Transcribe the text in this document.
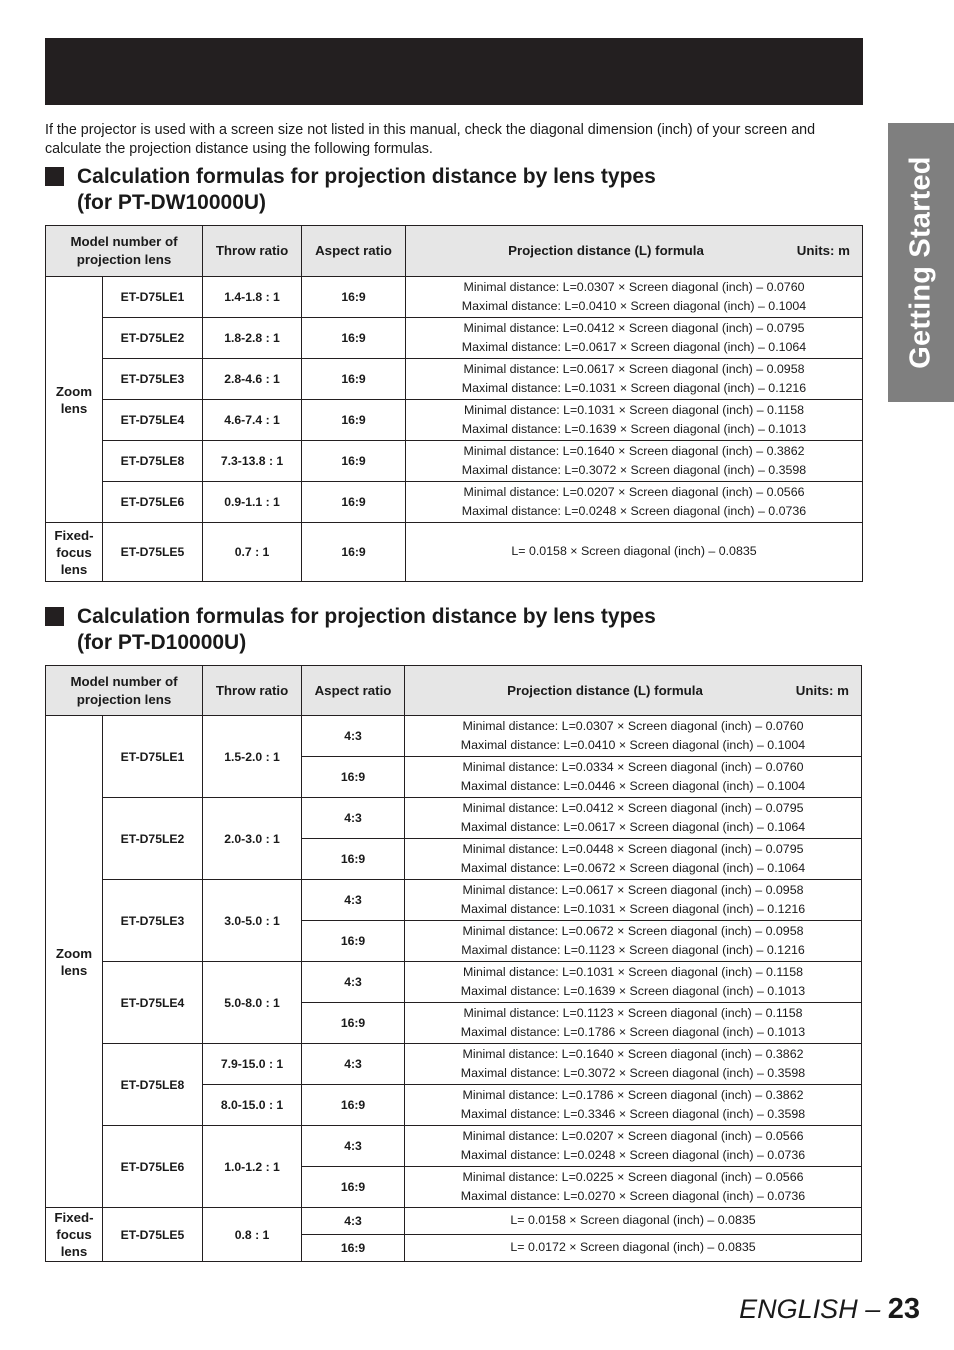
Getting Started

If the projector is used with a screen size not listed in this manual, check the diagonal dimension (inch) of your screen and calculate the projection distance using the following formulas.

Calculation formulas for projection distance by lens types
(for PT-DW10000U)
Model number of
projection lens		Throw ratio	Aspect ratio	Projection distance (L) formula Units: m

Zoom
lens	ET-D75LE1	1.4-1.8 : 1	16:9	Minimal distance: L=0.0307 × Screen diagonal (inch) – 0.0760
Maximal distance: L=0.0410 × Screen diagonal (inch) – 0.1004
	ET-D75LE2	1.8-2.8 : 1	16:9	Minimal distance: L=0.0412 × Screen diagonal (inch) – 0.0795
Maximal distance: L=0.0617 × Screen diagonal (inch) – 0.1064
	ET-D75LE3	2.8-4.6 : 1	16:9	Minimal distance: L=0.0617 × Screen diagonal (inch) – 0.0958
Maximal distance: L=0.1031 × Screen diagonal (inch) – 0.1216
	ET-D75LE4	4.6-7.4 : 1	16:9	Minimal distance: L=0.1031 × Screen diagonal (inch) – 0.1158
Maximal distance: L=0.1639 × Screen diagonal (inch) – 0.1013
	ET-D75LE8	7.3-13.8 : 1	16:9	Minimal distance: L=0.1640 × Screen diagonal (inch) – 0.3862
Maximal distance: L=0.3072 × Screen diagonal (inch) – 0.3598
	ET-D75LE6	0.9-1.1 : 1	16:9	Minimal distance: L=0.0207 × Screen diagonal (inch) – 0.0566
Maximal distance: L=0.0248 × Screen diagonal (inch) – 0.0736
Fixed-
focus
lens	ET-D75LE5	0.7 : 1	16:9	L= 0.0158 × Screen diagonal (inch) – 0.0835
Calculation formulas for projection distance by lens types
(for PT-D10000U)
Model number of
projection lens		Throw ratio	Aspect ratio	Projection distance (L) formula Units: m

Zoom
lens	ET-D75LE1	1.5-2.0 : 1	4:3	Minimal distance: L=0.0307 × Screen diagonal (inch) – 0.0760
Maximal distance: L=0.0410 × Screen diagonal (inch) – 0.1004
			16:9	Minimal distance: L=0.0334 × Screen diagonal (inch) – 0.0760
Maximal distance: L=0.0446 × Screen diagonal (inch) – 0.1004
	ET-D75LE2	2.0-3.0 : 1	4:3	Minimal distance: L=0.0412 × Screen diagonal (inch) – 0.0795
Maximal distance: L=0.0617 × Screen diagonal (inch) – 0.1064
			16:9	Minimal distance: L=0.0448 × Screen diagonal (inch) – 0.0795
Maximal distance: L=0.0672 × Screen diagonal (inch) – 0.1064
	ET-D75LE3	3.0-5.0 : 1	4:3	Minimal distance: L=0.0617 × Screen diagonal (inch) – 0.0958
Maximal distance: L=0.1031 × Screen diagonal (inch) – 0.1216
			16:9	Minimal distance: L=0.0672 × Screen diagonal (inch) – 0.0958
Maximal distance: L=0.1123 × Screen diagonal (inch) – 0.1216
	ET-D75LE4	5.0-8.0 : 1	4:3	Minimal distance: L=0.1031 × Screen diagonal (inch) – 0.1158
Maximal distance: L=0.1639 × Screen diagonal (inch) – 0.1013
			16:9	Minimal distance: L=0.1123 × Screen diagonal (inch) – 0.1158
Maximal distance: L=0.1786 × Screen diagonal (inch) – 0.1013
	ET-D75LE8	7.9-15.0 : 1	4:3	Minimal distance: L=0.1640 × Screen diagonal (inch) – 0.3862
Maximal distance: L=0.3072 × Screen diagonal (inch) – 0.3598
		8.0-15.0 : 1	16:9	Minimal distance: L=0.1786 × Screen diagonal (inch) – 0.3862
Maximal distance: L=0.3346 × Screen diagonal (inch) – 0.3598
	ET-D75LE6	1.0-1.2 : 1	4:3	Minimal distance: L=0.0207 × Screen diagonal (inch) – 0.0566
Maximal distance: L=0.0248 × Screen diagonal (inch) – 0.0736
			16:9	Minimal distance: L=0.0225 × Screen diagonal (inch) – 0.0566
Maximal distance: L=0.0270 × Screen diagonal (inch) – 0.0736
Fixed-
focus
lens	ET-D75LE5	0.8 : 1	4:3	L= 0.0158 × Screen diagonal (inch) – 0.0835
			16:9	L= 0.0172 × Screen diagonal (inch) – 0.0835
ENGLISH – 23
